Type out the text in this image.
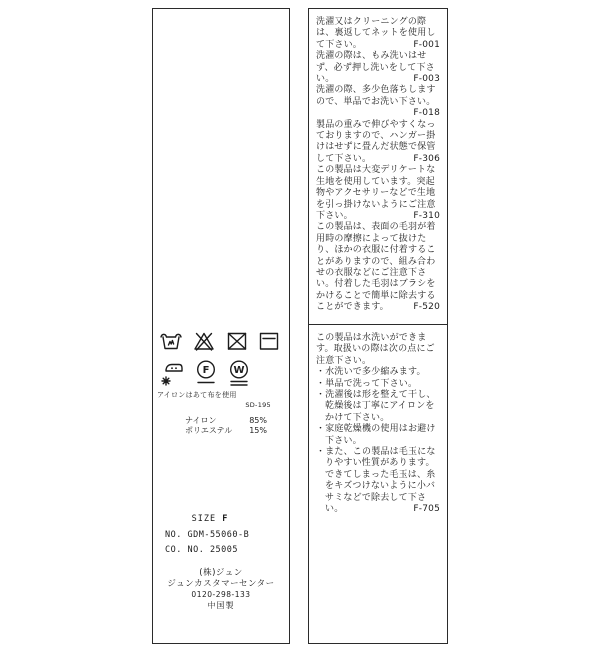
F W
アイロンはあて布を使用
SD-195
ナイロン	85%
ポリエステル 15%
SIZE F
NO. GDM-55060-B
CO. NO. 25005
(株)ジュン
ジュンカスタマーセンター
0120-298-133
中国製

洗濯又はクリーニングの際は、裏返してネットを使用して下さい。	F-001

洗濯の際は、もみ洗いはせず、必ず押し洗いをして下さい。	F-003

洗濯の際、多少色落ちしますので、単品でお洗い下さい。
F-018

製品の重みで伸びやすくなっておりますので、ハンガー掛けはせずに畳んだ状態で保管して下さい。	F-306

この製品は大変デリケートな生地を使用しています。突起物やアクセサリーなどで生地を引っ掛けないようにご注意下さい。	F-310

この製品は、表面の毛羽が着用時の摩擦によって抜けたり、ほかの衣服に付着することがありますので、組み合わせの衣服などにご注意下さい。付着した毛羽はブラシをかけることで簡単に除去することができます。	F-520

この製品は水洗いができます。取扱いの際は次の点にご注意下さい。
・水洗いで多少縮みます。
・単品で洗って下さい。
・洗濯後は形を整えて干し、乾燥後は丁寧にアイロンをかけて下さい。
・家庭乾燥機の使用はお避け下さい。
・また、この製品は毛玉になりやすい性質があります。できてしまった毛玉は、糸をキズつけないように小バサミなどで除去して下さい。	F-705
